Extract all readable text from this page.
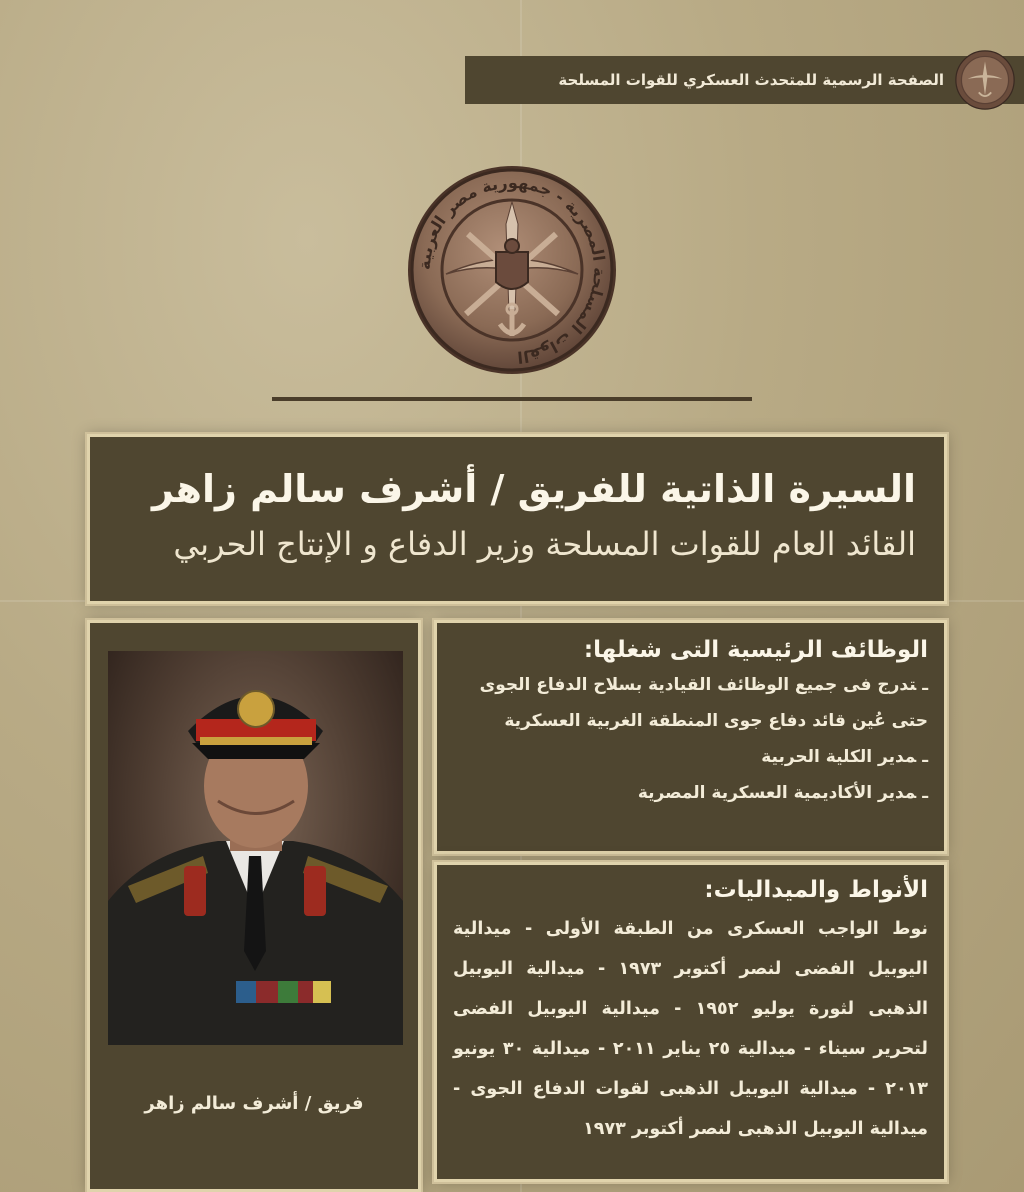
الصفحة الرسمية للمتحدث العسكري للقوات المسلحة
القوات المسلحة المصرية - جمهورية مصر العربية

السيرة الذاتية للفريق / أشرف سالم زاهر

القائد العام للقوات المسلحة وزير الدفاع و الإنتاج الحربي

فريق / أشرف سالم زاهر

الوظائف الرئيسية التى شغلها:

ـتدرج فى جميع الوظائف القيادية بسلاح الدفاع الجوى حتى عُين قائد دفاع جوى المنطقة الغربية العسكرية

ـمدير الكلية الحربية

ـمدير الأكاديمية العسكرية المصرية

الأنواط والميداليات:

نوط الواجب العسكرى من الطبقة الأولى - ميدالية اليوبيل الفضى لنصر أكتوبر ١٩٧٣ - ميدالية اليوبيل الذهبى لثورة يوليو ١٩٥٢ - ميدالية اليوبيل الفضى لتحرير سيناء - ميدالية ٢٥ يناير ٢٠١١ - ميدالية ٣٠ يونيو ٢٠١٣ - ميدالية اليوبيل الذهبى لقوات الدفاع الجوى - ميدالية اليوبيل الذهبى لنصر أكتوبر ١٩٧٣
